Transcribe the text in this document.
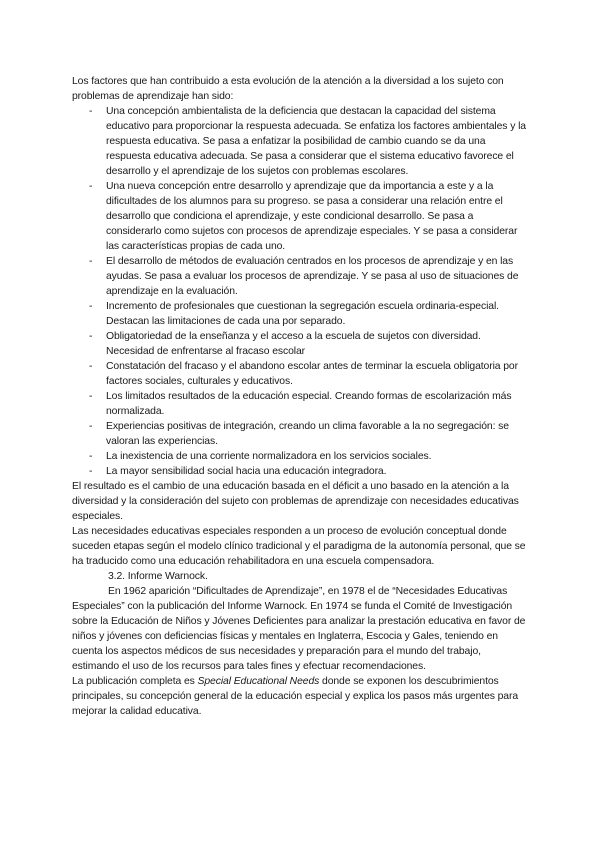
Los factores que han contribuido a esta evolución de la atención a la diversidad a los sujeto con problemas de aprendizaje han sido:

- Una concepción ambientalista de la deficiencia que destacan la capacidad del sistema educativo para proporcionar la respuesta adecuada. Se enfatiza los factores ambientales y la respuesta educativa. Se pasa a enfatizar la posibilidad de cambio cuando se da una respuesta educativa adecuada. Se pasa a considerar que el sistema educativo favorece el desarrollo y el aprendizaje de los sujetos con problemas escolares.
- Una nueva concepción entre desarrollo y aprendizaje que da importancia a este y a la dificultades de los alumnos para su progreso. se pasa a considerar una relación entre el desarrollo que condiciona el aprendizaje, y este condicional desarrollo. Se pasa a considerarlo como sujetos con procesos de aprendizaje especiales. Y se pasa a considerar las características propias de cada uno.
- El desarrollo de métodos de evaluación centrados en los procesos de aprendizaje y en las ayudas. Se pasa a evaluar los procesos de aprendizaje. Y se pasa al uso de situaciones de aprendizaje en la evaluación.
- Incremento de profesionales que cuestionan la segregación escuela ordinaria-especial. Destacan las limitaciones de cada una por separado.
- Obligatoriedad de la enseñanza y el acceso a la escuela de sujetos con diversidad. Necesidad de enfrentarse al fracaso escolar
- Constatación del fracaso y el abandono escolar antes de terminar la escuela obligatoria por factores sociales, culturales y educativos.
- Los limitados resultados de la educación especial. Creando formas de escolarización más normalizada.
- Experiencias positivas de integración, creando un clima favorable a la no segregación: se valoran las experiencias.
- La inexistencia de una corriente normalizadora en los servicios sociales.
- La mayor sensibilidad social hacia una educación integradora.

El resultado es el cambio de una educación basada en el déficit a uno basado en la atención a la diversidad y la consideración del sujeto con problemas de aprendizaje con necesidades educativas especiales.

Las necesidades educativas especiales responden a un proceso de evolución conceptual donde suceden etapas según el modelo clínico tradicional y el paradigma de la autonomía personal, que se ha traducido como una educación rehabilitadora en una escuela compensadora.

3.2. Informe Warnock.

En 1962 aparición “Dificultades de Aprendizaje”, en 1978 el de “Necesidades Educativas Especiales” con la publicación del Informe Warnock. En 1974 se funda el Comité de Investigación sobre la Educación de Niños y Jóvenes Deficientes para analizar la prestación educativa en favor de niños y jóvenes con deficiencias físicas y mentales en Inglaterra, Escocia y Gales, teniendo en cuenta los aspectos médicos de sus necesidades y preparación para el mundo del trabajo, estimando el uso de los recursos para tales fines y efectuar recomendaciones.

La publicación completa es Special Educational Needs donde se exponen los descubrimientos principales, su concepción general de la educación especial y explica los pasos más urgentes para mejorar la calidad educativa.
